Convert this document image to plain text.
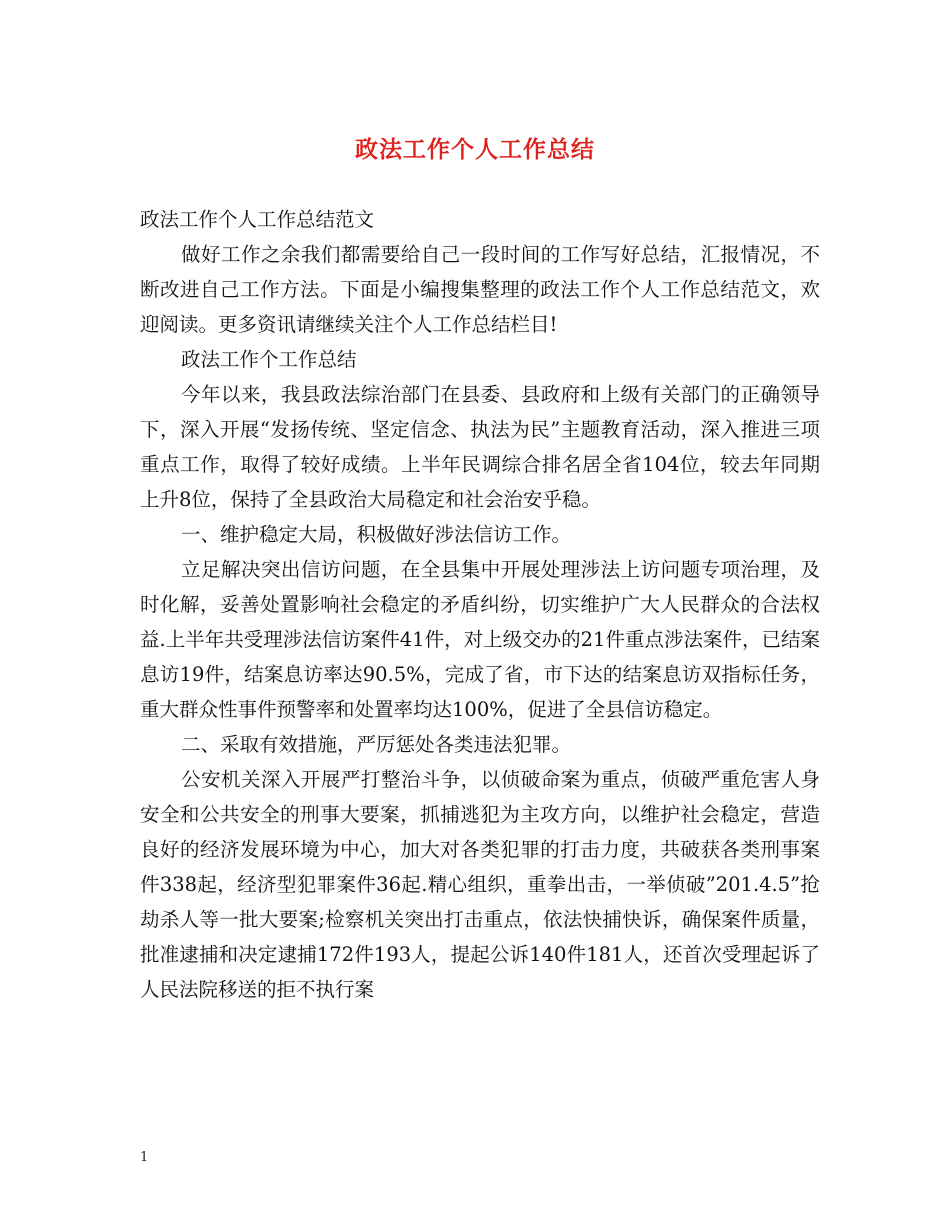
政法工作个人工作总结

政法工作个人工作总结范文

做好工作之余我们都需要给自己一段时间的工作写好总结，汇报情况，不断改进自己工作方法。下面是小编搜集整理的政法工作个人工作总结范文，欢迎阅读。更多资讯请继续关注个人工作总结栏目!

政法工作个工作总结

今年以来，我县政法综治部门在县委、县政府和上级有关部门的正确领导下，深入开展“发扬传统、坚定信念、执法为民”主题教育活动，深入推进三项重点工作，取得了较好成绩。上半年民调综合排名居全省104位，较去年同期上升8位，保持了全县政治大局稳定和社会治安乎稳。

一、维护稳定大局，积极做好涉法信访工作。

立足解决突出信访问题，在全县集中开展处理涉法上访问题专项治理，及时化解，妥善处置影响社会稳定的矛盾纠纷，切实维护广大人民群众的合法权益.上半年共受理涉法信访案件41件，对上级交办的21件重点涉法案件，已结案息访19件，结案息访率达90.5%，完成了省，市下达的结案息访双指标任务，重大群众性事件预警率和处置率均达100%，促进了全县信访稳定。

二、采取有效措施，严厉惩处各类违法犯罪。

公安机关深入开展严打整治斗争，以侦破命案为重点，侦破严重危害人身安全和公共安全的刑事大要案，抓捕逃犯为主攻方向，以维护社会稳定，营造良好的经济发展环境为中心，加大对各类犯罪的打击力度，共破获各类刑事案件338起，经济型犯罪案件36起.精心组织，重拳出击，一举侦破”201.4.5”抢劫杀人等一批大要案;检察机关突出打击重点，依法快捕快诉，确保案件质量，批准逮捕和决定逮捕172件193人，提起公诉140件181人，还首次受理起诉了人民法院移送的拒不执行案

1
